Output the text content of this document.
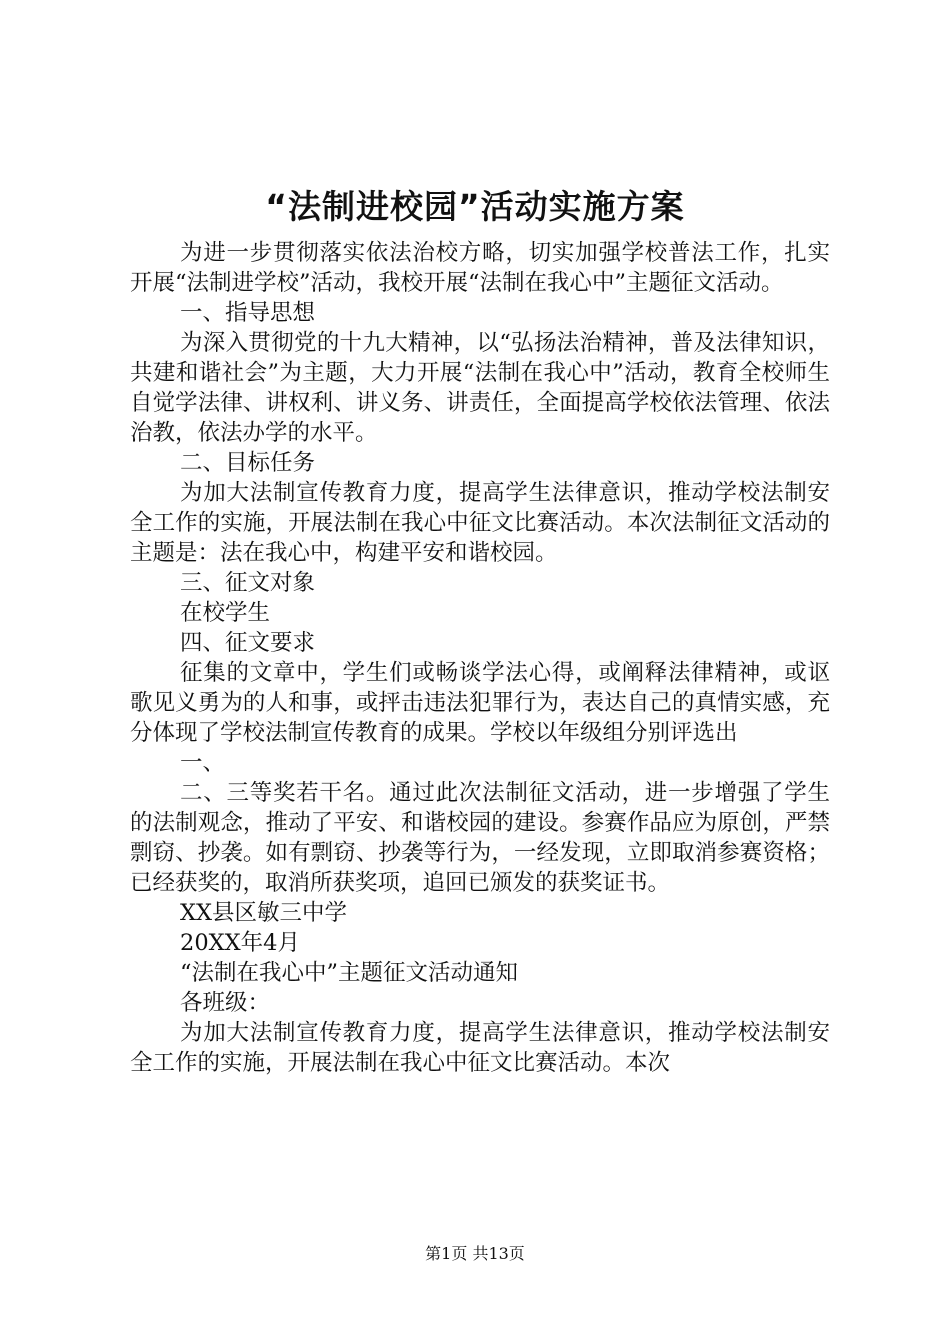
“法制进校园”活动实施方案

为进一步贯彻落实依法治校方略，切实加强学校普法工作，扎实开展“法制进学校”活动，我校开展“法制在我心中”主题征文活动。

一、指导思想

为深入贯彻党的十九大精神，以“弘扬法治精神，普及法律知识，共建和谐社会”为主题，大力开展“法制在我心中”活动，教育全校师生自觉学法律、讲权利、讲义务、讲责任，全面提高学校依法管理、依法治教，依法办学的水平。

二、目标任务

为加大法制宣传教育力度，提高学生法律意识，推动学校法制安全工作的实施，开展法制在我心中征文比赛活动。本次法制征文活动的主题是：法在我心中，构建平安和谐校园。

三、征文对象

在校学生

四、征文要求

征集的文章中，学生们或畅谈学法心得，或阐释法律精神，或讴歌见义勇为的人和事，或抨击违法犯罪行为，表达自己的真情实感，充分体现了学校法制宣传教育的成果。学校以年级组分别评选出

一、

二、三等奖若干名。通过此次法制征文活动，进一步增强了学生的法制观念，推动了平安、和谐校园的建设。参赛作品应为原创，严禁剽窃、抄袭。如有剽窃、抄袭等行为，一经发现，立即取消参赛资格；已经获奖的，取消所获奖项，追回已颁发的获奖证书。

XX县区敏三中学

20XX年4月

“法制在我心中”主题征文活动通知

各班级：

为加大法制宣传教育力度，提高学生法律意识，推动学校法制安全工作的实施，开展法制在我心中征文比赛活动。本次

第1页 共13页
